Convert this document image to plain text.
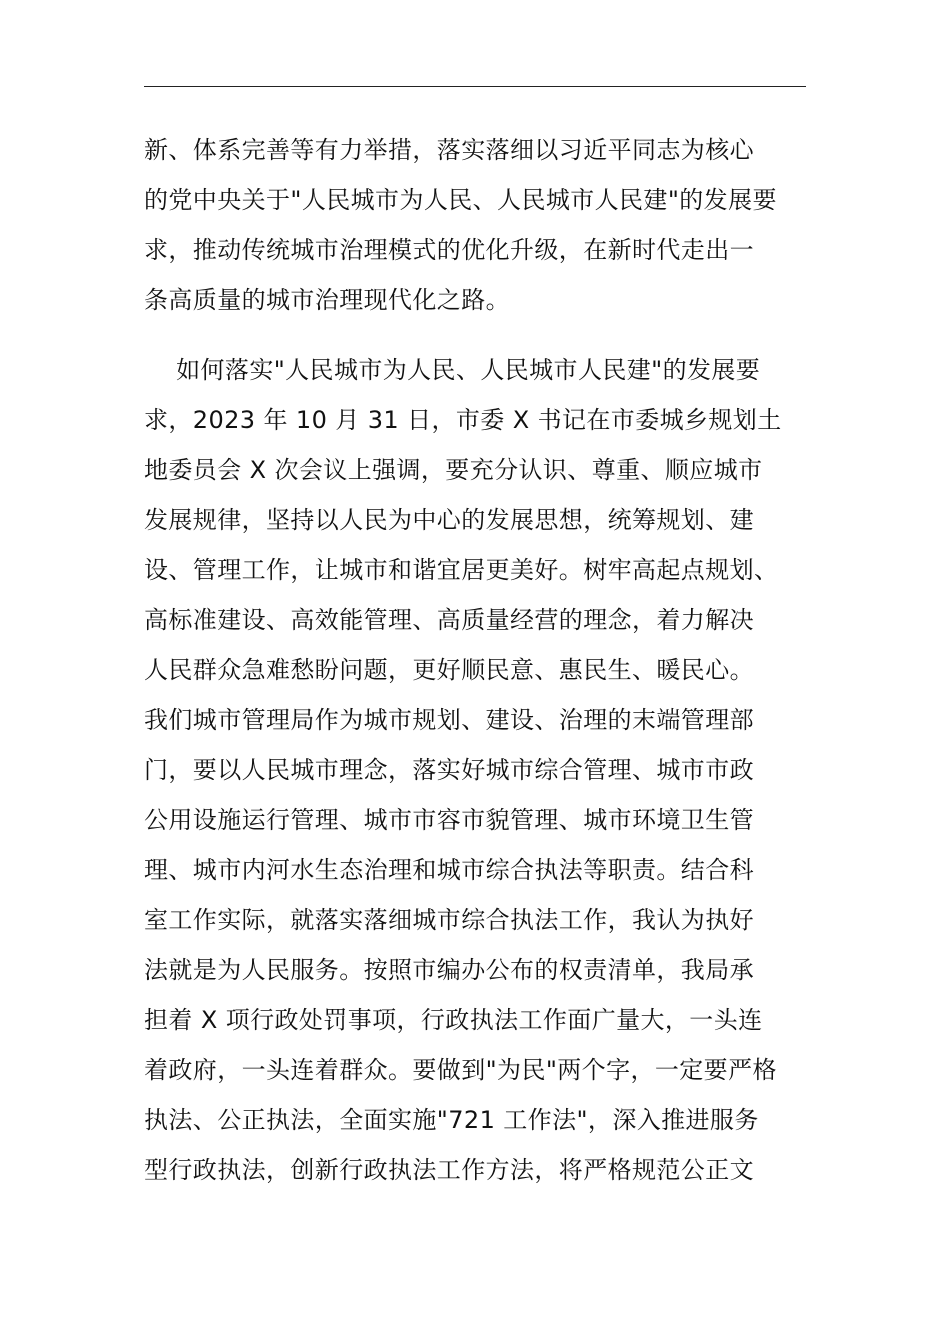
新、体系完善等有力举措，落实落细以习近平同志为核心
的党中央关于"人民城市为人民、人民城市人民建"的发展要
求，推动传统城市治理模式的优化升级，在新时代走出一
条高质量的城市治理现代化之路。
如何落实"人民城市为人民、人民城市人民建"的发展要
求，2023 年 10 月 31 日，市委 X 书记在市委城乡规划土
地委员会 X 次会议上强调，要充分认识、尊重、顺应城市
发展规律，坚持以人民为中心的发展思想，统筹规划、建
设、管理工作，让城市和谐宜居更美好。树牢高起点规划、
高标准建设、高效能管理、高质量经营的理念，着力解决
人民群众急难愁盼问题，更好顺民意、惠民生、暖民心。
我们城市管理局作为城市规划、建设、治理的末端管理部
门，要以人民城市理念，落实好城市综合管理、城市市政
公用设施运行管理、城市市容市貌管理、城市环境卫生管
理、城市内河水生态治理和城市综合执法等职责。结合科
室工作实际，就落实落细城市综合执法工作，我认为执好
法就是为人民服务。按照市编办公布的权责清单，我局承
担着 X 项行政处罚事项，行政执法工作面广量大，一头连
着政府，一头连着群众。要做到"为民"两个字，一定要严格
执法、公正执法，全面实施"721 工作法"，深入推进服务
型行政执法，创新行政执法工作方法，将严格规范公正文
